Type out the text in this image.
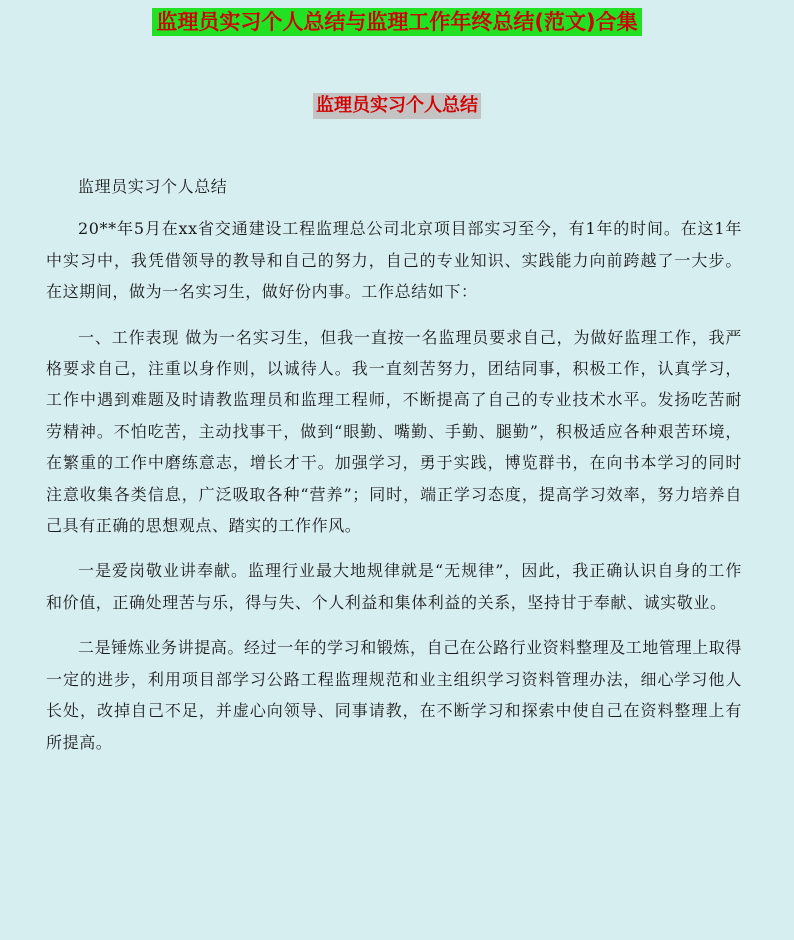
监理员实习个人总结与监理工作年终总结(范文)合集
监理员实习个人总结

监理员实习个人总结

20**年5月在xx省交通建设工程监理总公司北京项目部实习至今，有1年的时间。在这1年中实习中，我凭借领导的教导和自己的努力，自己的专业知识、实践能力向前跨越了一大步。在这期间，做为一名实习生，做好份内事。工作总结如下：

一、工作表现 做为一名实习生，但我一直按一名监理员要求自己，为做好监理工作，我严格要求自己，注重以身作则，以诚待人。我一直刻苦努力，团结同事，积极工作，认真学习，工作中遇到难题及时请教监理员和监理工程师，不断提高了自己的专业技术水平。发扬吃苦耐劳精神。不怕吃苦，主动找事干，做到“眼勤、嘴勤、手勤、腿勤”，积极适应各种艰苦环境，在繁重的工作中磨练意志，增长才干。加强学习，勇于实践，博览群书，在向书本学习的同时注意收集各类信息，广泛吸取各种“营养”；同时，端正学习态度，提高学习效率，努力培养自己具有正确的思想观点、踏实的工作作风。

一是爱岗敬业讲奉献。监理行业最大地规律就是“无规律”，因此，我正确认识自身的工作和价值，正确处理苦与乐，得与失、个人利益和集体利益的关系，坚持甘于奉献、诚实敬业。

二是锤炼业务讲提高。经过一年的学习和锻炼，自己在公路行业资料整理及工地管理上取得一定的进步，利用项目部学习公路工程监理规范和业主组织学习资料管理办法，细心学习他人长处，改掉自己不足，并虚心向领导、同事请教，在不断学习和探索中使自己在资料整理上有所提高。
